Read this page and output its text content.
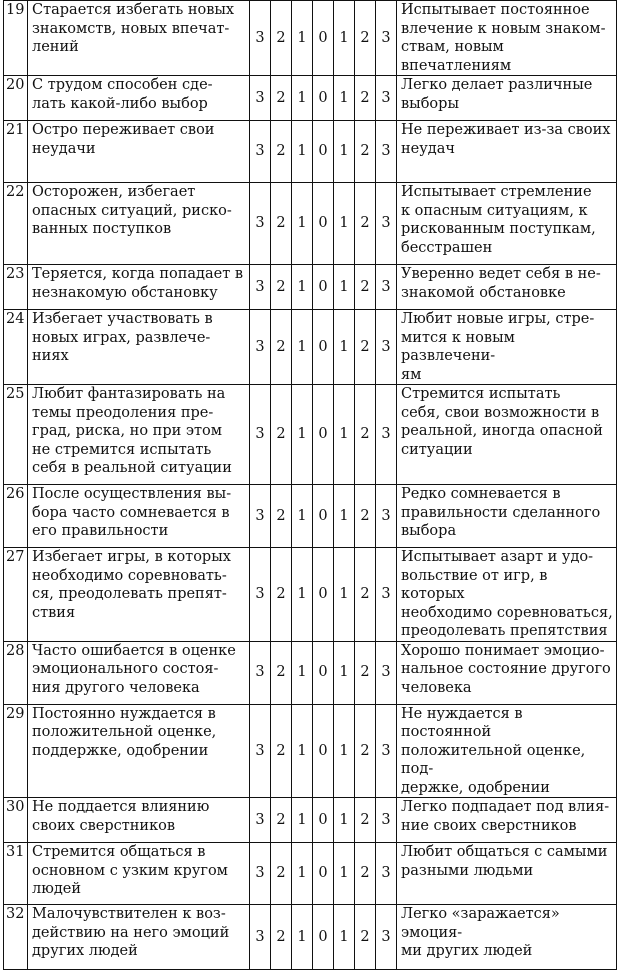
19	Старается избегать новых
знакомств, новых впечат-
лений	3	2	1	0	1	2	3	Испытывает постоянное
влечение к новым знаком-
ствам, новым впечатлениям

20	С трудом способен сде-
лать какой-либо выбор	3	2	1	0	1	2	3	Легко делает различные
выборы

21	Остро переживает свои
неудачи	3	2	1	0	1	2	3	Не переживает из-за своих
неудач

22	Осторожен, избегает
опасных ситуаций, риско-
ванных поступков	3	2	1	0	1	2	3	Испытывает стремление
к опасным ситуациям, к
рискованным поступкам,
бесстрашен

23	Теряется, когда попадает в
незнакомую обстановку	3	2	1	0	1	2	3	Уверенно ведет себя в не-
знакомой обстановке

24	Избегает участвовать в
новых играх, развлече-
ниях	3	2	1	0	1	2	3	Любит новые игры, стре-
мится к новым развлечени-
ям

25	Любит фантазировать на
темы преодоления пре-
град, риска, но при этом
не стремится испытать
себя в реальной ситуации	3	2	1	0	1	2	3	Стремится испытать
себя, свои возможности в
реальной, иногда опасной
ситуации

26	После осуществления вы-
бора часто сомневается в
его правильности	3	2	1	0	1	2	3	Редко сомневается в
правильности сделанного
выбора

27	Избегает игры, в которых
необходимо соревновать-
ся, преодолевать препят-
ствия	3	2	1	0	1	2	3	Испытывает азарт и удо-
вольствие от игр, в которых
необходимо соревноваться,
преодолевать препятствия

28	Часто ошибается в оценке
эмоционального состоя-
ния другого человека	3	2	1	0	1	2	3	Хорошо понимает эмоцио-
нальное состояние другого
человека

29	Постоянно нуждается в
положительной оценке,
поддержке, одобрении	3	2	1	0	1	2	3	Не нуждается в постоянной
положительной оценке, под-
держке, одобрении

30	Не поддается влиянию
своих сверстников	3	2	1	0	1	2	3	Легко подпадает под влия-
ние своих сверстников

31	Стремится общаться в
основном с узким кругом
людей	3	2	1	0	1	2	3	Любит общаться с самыми
разными людьми

32	Малочувствителен к воз-
действию на него эмоций
других людей	3	2	1	0	1	2	3	Легко «заражается» эмоция-
ми других людей
